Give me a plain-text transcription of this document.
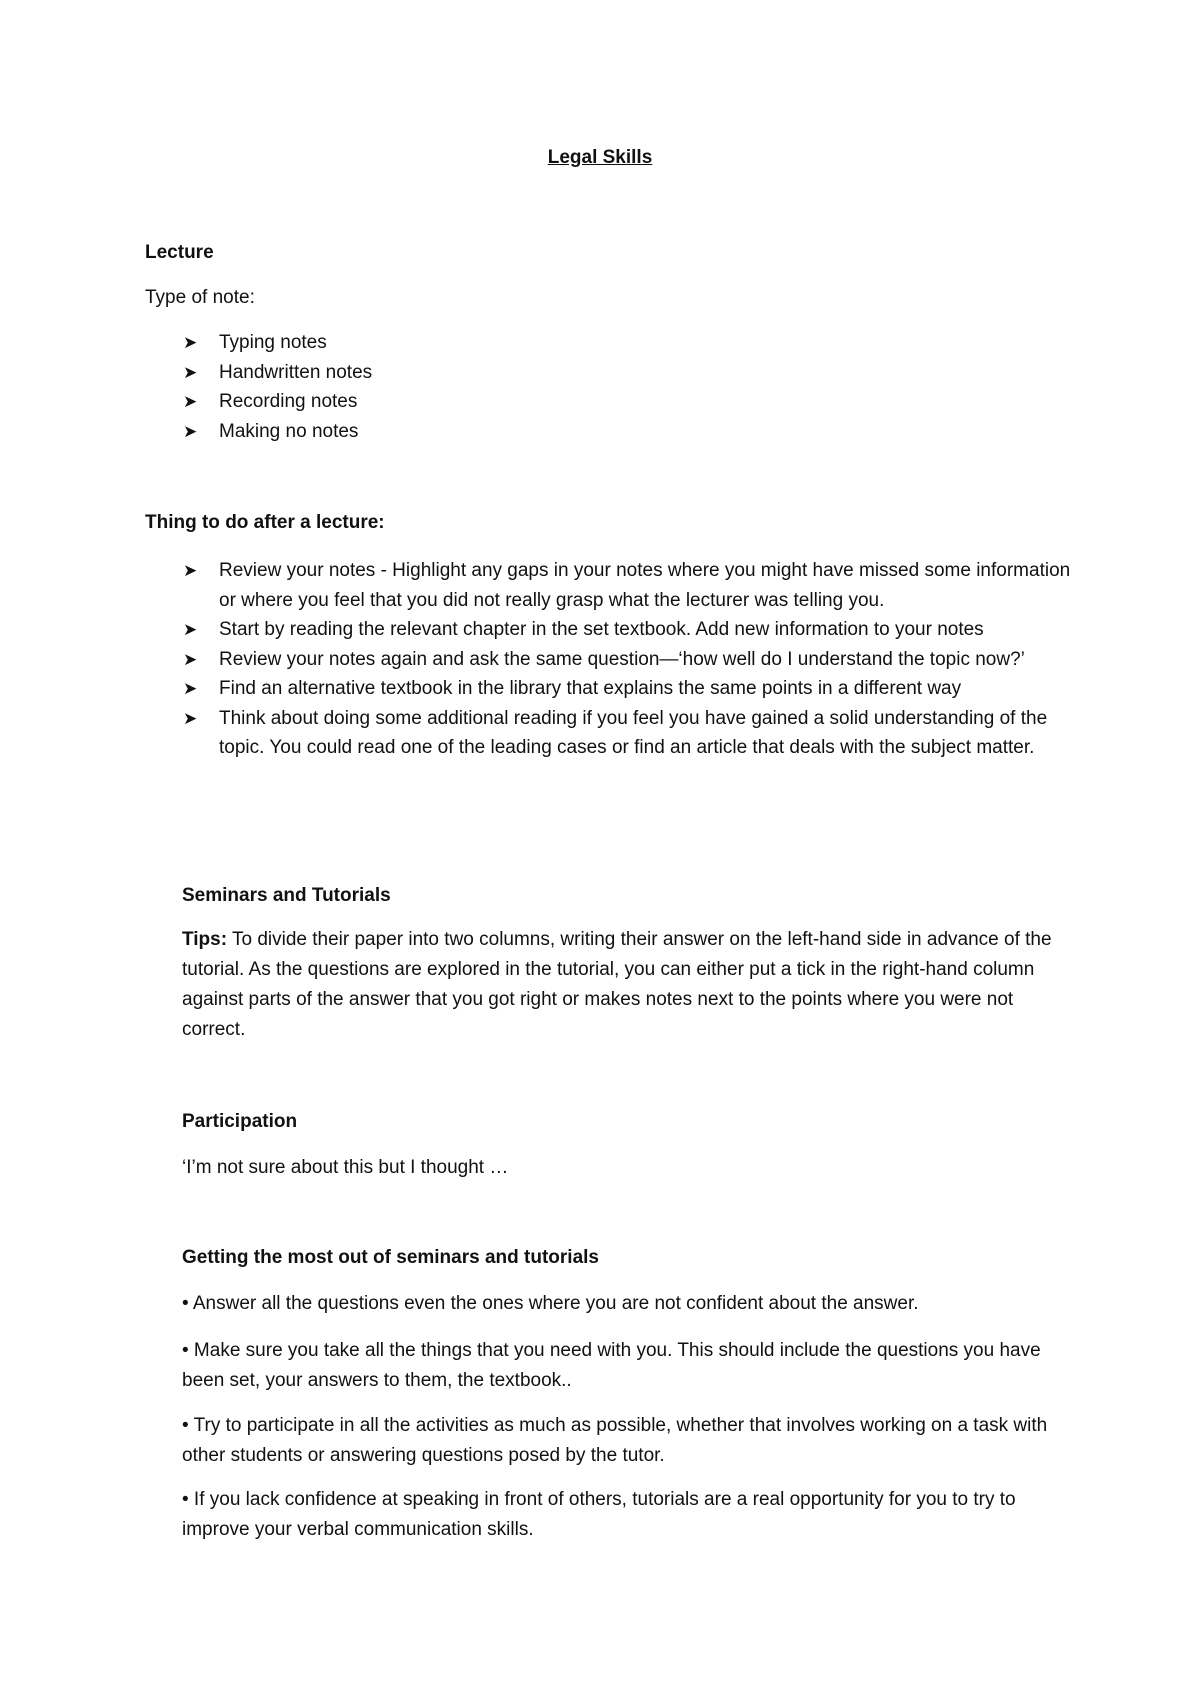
Legal Skills
Lecture
Type of note:
➤ Typing notes
➤ Handwritten notes
➤ Recording notes
➤ Making no notes
Thing to do after a lecture:
➤ Review your notes - Highlight any gaps in your notes where you might have missed some information or where you feel that you did not really grasp what the lecturer was telling you.
➤ Start by reading the relevant chapter in the set textbook. Add new information to your notes
➤ Review your notes again and ask the same question—‘how well do I understand the topic now?’
➤ Find an alternative textbook in the library that explains the same points in a different way
➤ Think about doing some additional reading if you feel you have gained a solid understanding of the topic. You could read one of the leading cases or find an article that deals with the subject matter.
Seminars and Tutorials
Tips: To divide their paper into two columns, writing their answer on the left-hand side in advance of the tutorial. As the questions are explored in the tutorial, you can either put a tick in the right-hand column against parts of the answer that you got right or makes notes next to the points where you were not correct.
Participation
‘I’m not sure about this but I thought …
Getting the most out of seminars and tutorials
• Answer all the questions even the ones where you are not confident about the answer.
• Make sure you take all the things that you need with you. This should include the questions you have been set, your answers to them, the textbook..
• Try to participate in all the activities as much as possible, whether that involves working on a task with other students or answering questions posed by the tutor.
• If you lack confidence at speaking in front of others, tutorials are a real opportunity for you to try to improve your verbal communication skills.
